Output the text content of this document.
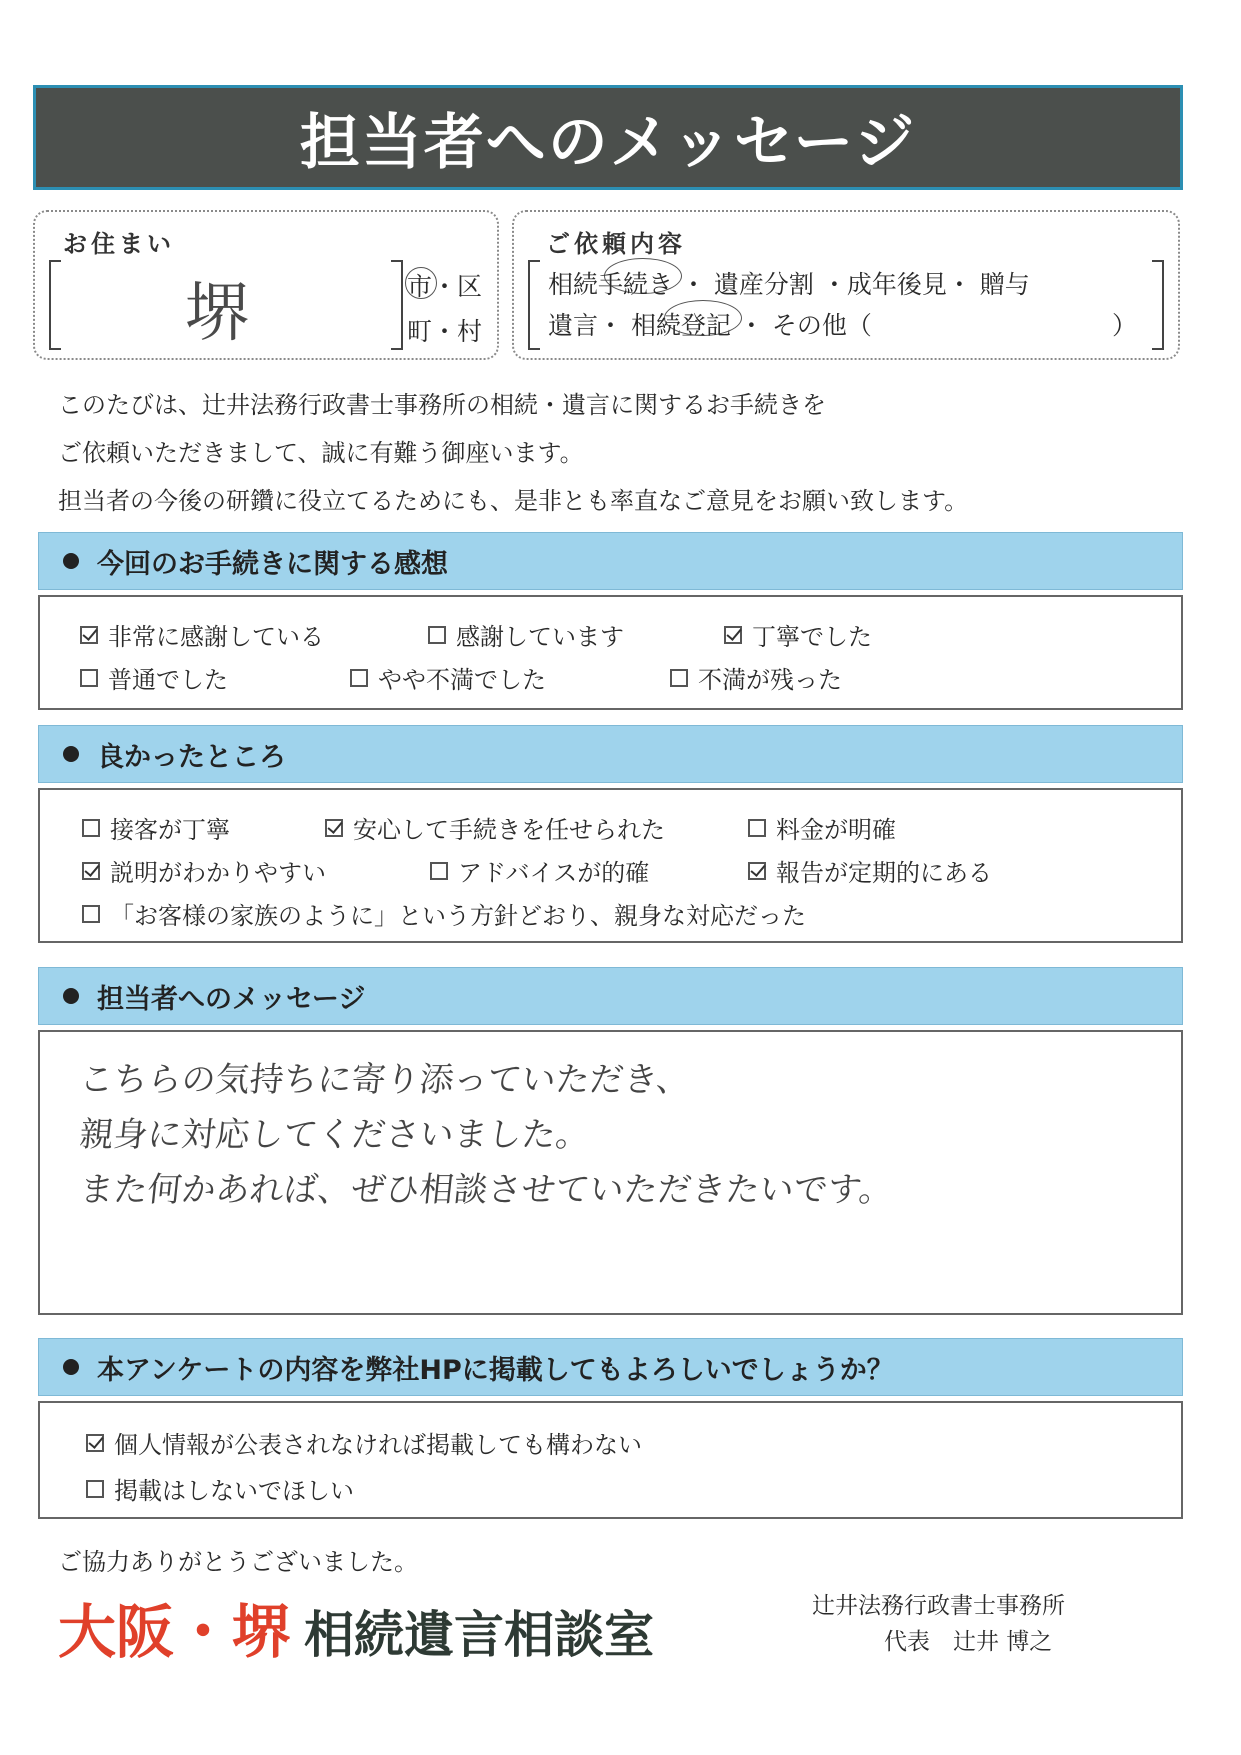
担当者へのメッセージ
お住まい
堺	市・区
町・村
ご依頼内容
相続手続き ・ 遺産分割 ・成年後見・ 贈与
遺言・ 相続登記 ・ その他（	）
このたびは、辻井法務行政書士事務所の相続・遺言に関するお手続きを
ご依頼いただきまして、誠に有難う御座います。
担当者の今後の研鑽に役立てるためにも、是非とも率直なご意見をお願い致します。
今回のお手続きに関する感想
非常に感謝している	感謝しています	丁寧でした
普通でした	やや不満でした	不満が残った
良かったところ
接客が丁寧	安心して手続きを任せられた	料金が明確
説明がわかりやすい	アドバイスが的確	報告が定期的にある
「お客様の家族のように」という方針どおり、親身な対応だった
担当者へのメッセージ
こちらの気持ちに寄り添っていただき、
親身に対応してくださいました。
また何かあれば、ぜひ相談させていただきたいです。
本アンケートの内容を弊社HPに掲載してもよろしいでしょうか？
個人情報が公表されなければ掲載しても構わない
掲載はしないでほしい
ご協力ありがとうございました。
大阪・堺 相続遺言相談室	辻井法務行政書士事務所
代表　辻井 博之
